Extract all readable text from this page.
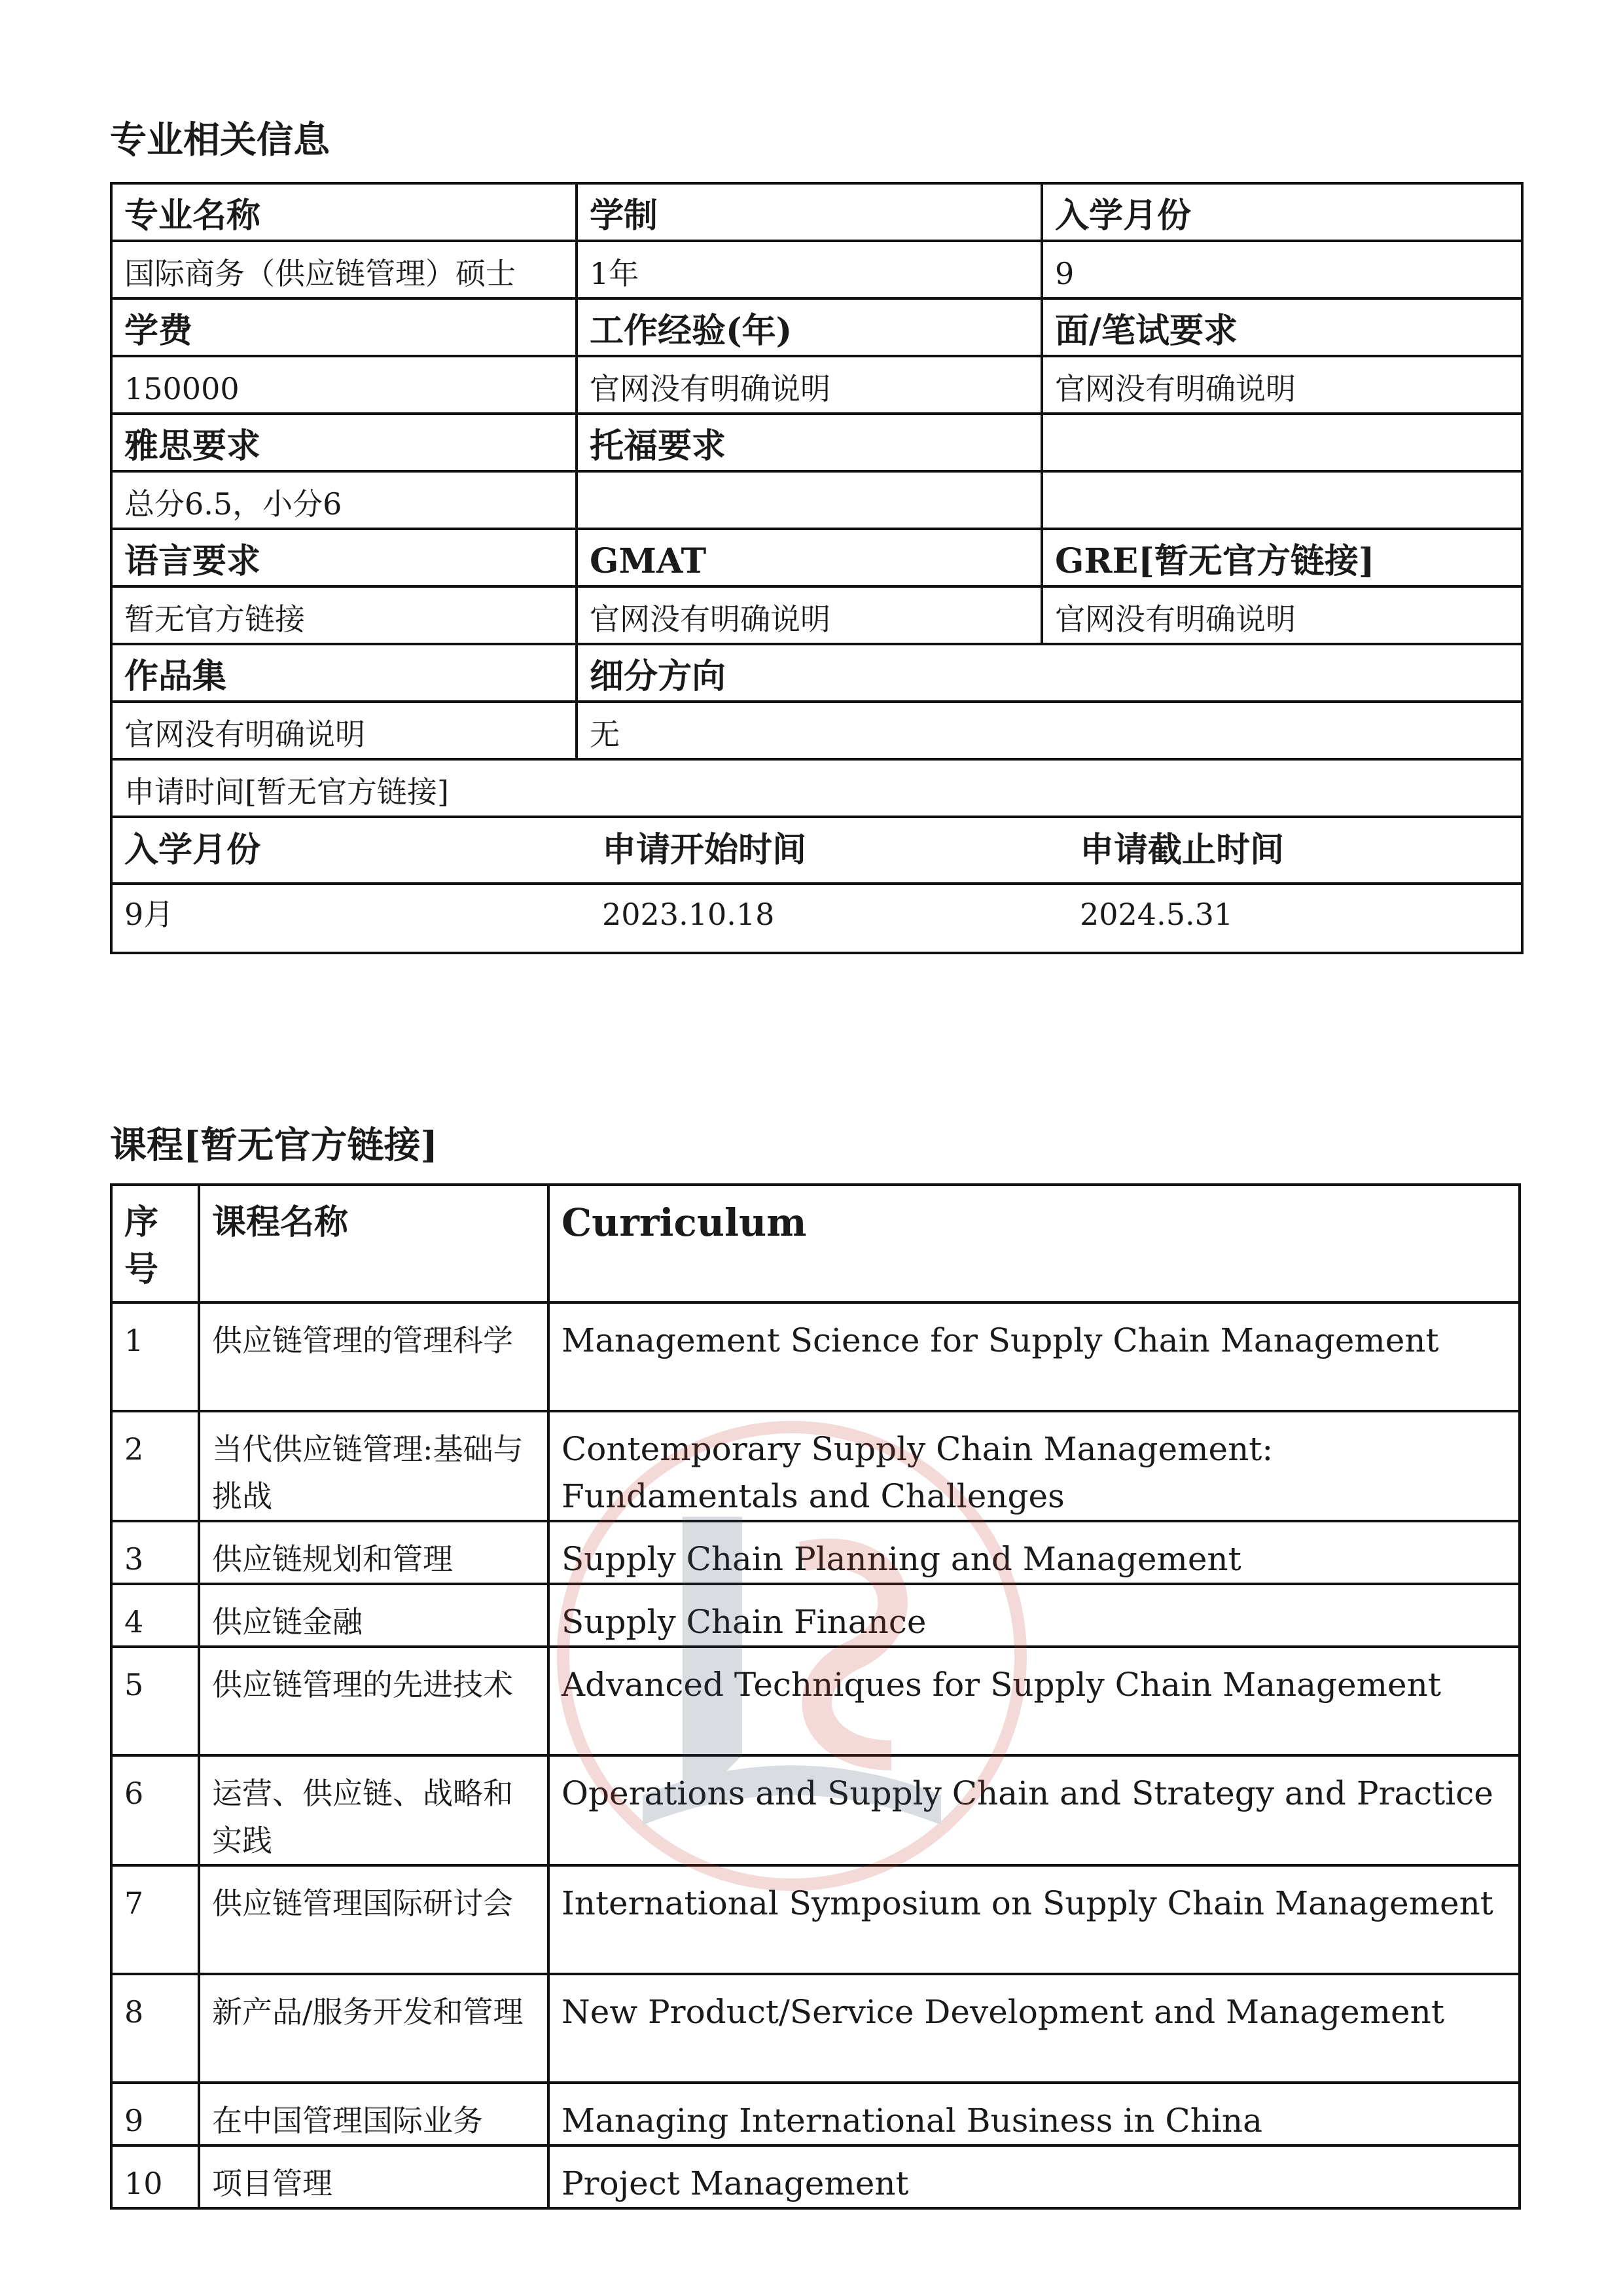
专业相关信息
专业名称	学制	入学月份
国际商务（供应链管理）硕士	1年	9
学费	工作经验(年)	面/笔试要求
150000	官网没有明确说明	官网没有明确说明
雅思要求	托福要求	
总分6.5，小分6		
语言要求	GMAT	GRE[暂无官方链接]
暂无官方链接	官网没有明确说明	官网没有明确说明
作品集	细分方向
官网没有明确说明	无
申请时间[暂无官方链接]

入学月份	申请开始时间	申请截止时间
9月	2023.10.18	2024.5.31
课程[暂无官方链接]
序号	课程名称	Curriculum
1	供应链管理的管理科学	Management Science for Supply Chain Management
2	当代供应链管理:基础与挑战	Contemporary Supply Chain Management: Fundamentals and Challenges
3	供应链规划和管理	Supply Chain Planning and Management
4	供应链金融	Supply Chain Finance
5	供应链管理的先进技术	Advanced Techniques for Supply Chain Management
6	运营、供应链、战略和实践	Operations and Supply Chain and Strategy and Practice
7	供应链管理国际研讨会	International Symposium on Supply Chain Management
8	新产品/服务开发和管理	New Product/Service Development and Management
9	在中国管理国际业务	Managing International Business in China
10	项目管理	Project Management
